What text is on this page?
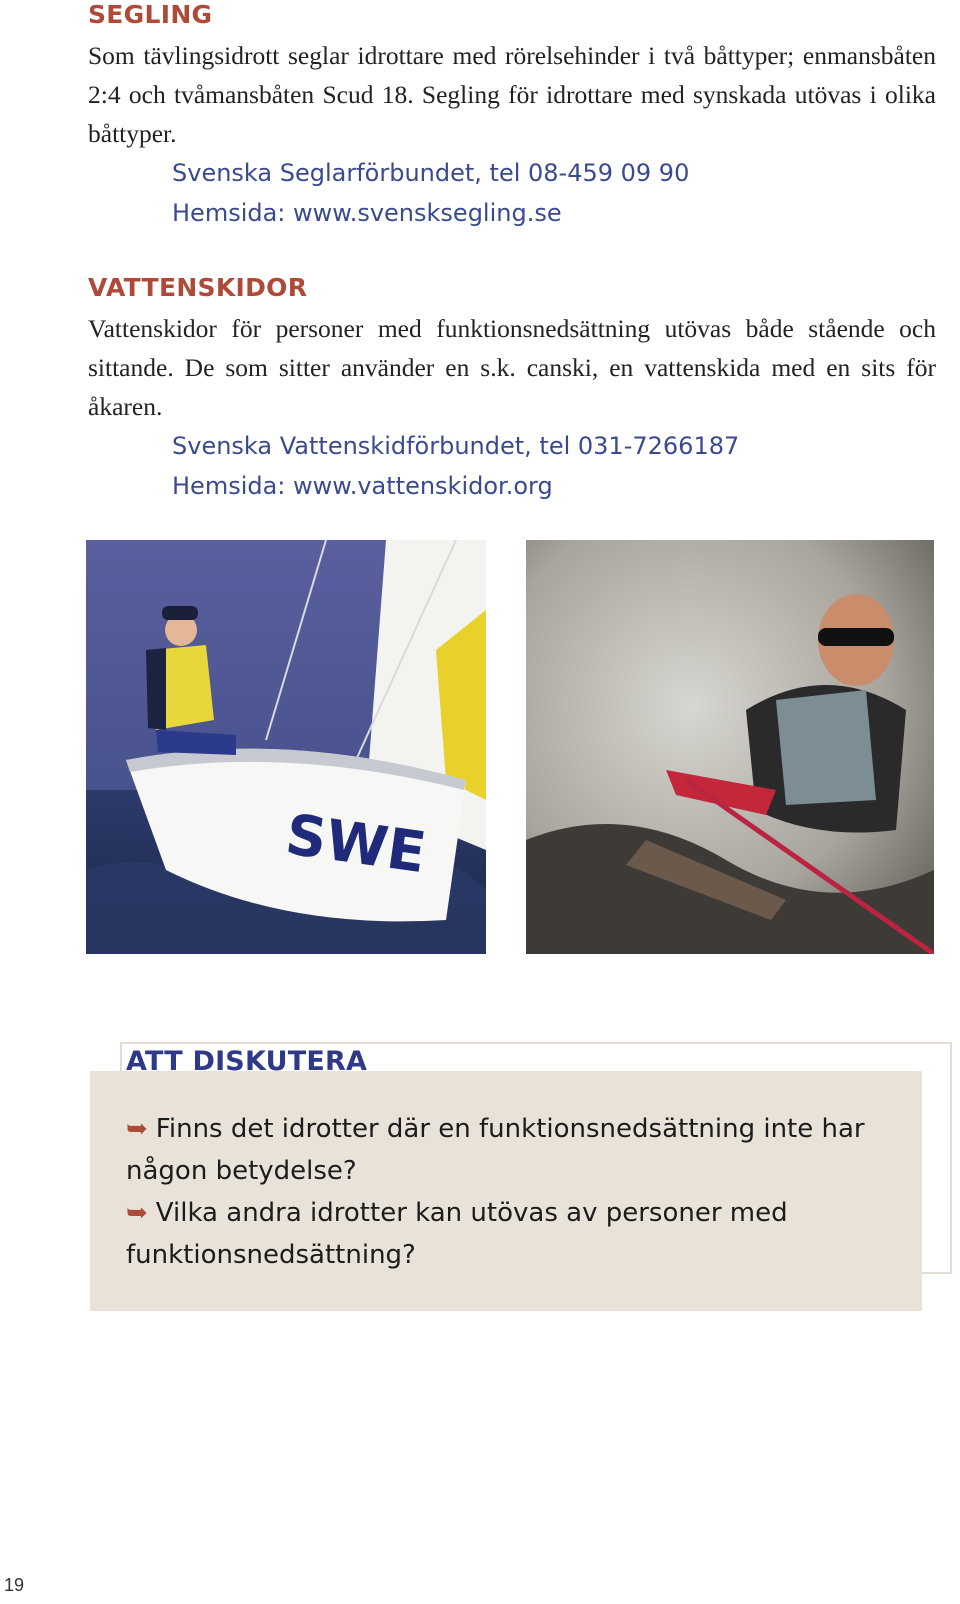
SEGLING

Som tävlingsidrott seglar idrottare med rörelsehinder i två båttyper; enmansbåten 2:4 och tvåmansbåten Scud 18. Segling för idrottare med synskada utövas i olika båttyper.

Svenska Seglarförbundet, tel 08-459 09 90
Hemsida: www.svensksegling.se
VATTENSKIDOR

Vattenskidor för personer med funktionsnedsättning utövas både stående och sittande. De som sitter använder en s.k. canski, en vattenskida med en sits för åkaren.

Svenska Vattenskidförbundet, tel 031-7266187
Hemsida: www.vattenskidor.org
SWE
ATT DISKUTERA
➥ Finns det idrotter där en funktionsnedsättning inte har någon betydelse?
➥ Vilka andra idrotter kan utövas av personer med funktionsnedsättning?
19
